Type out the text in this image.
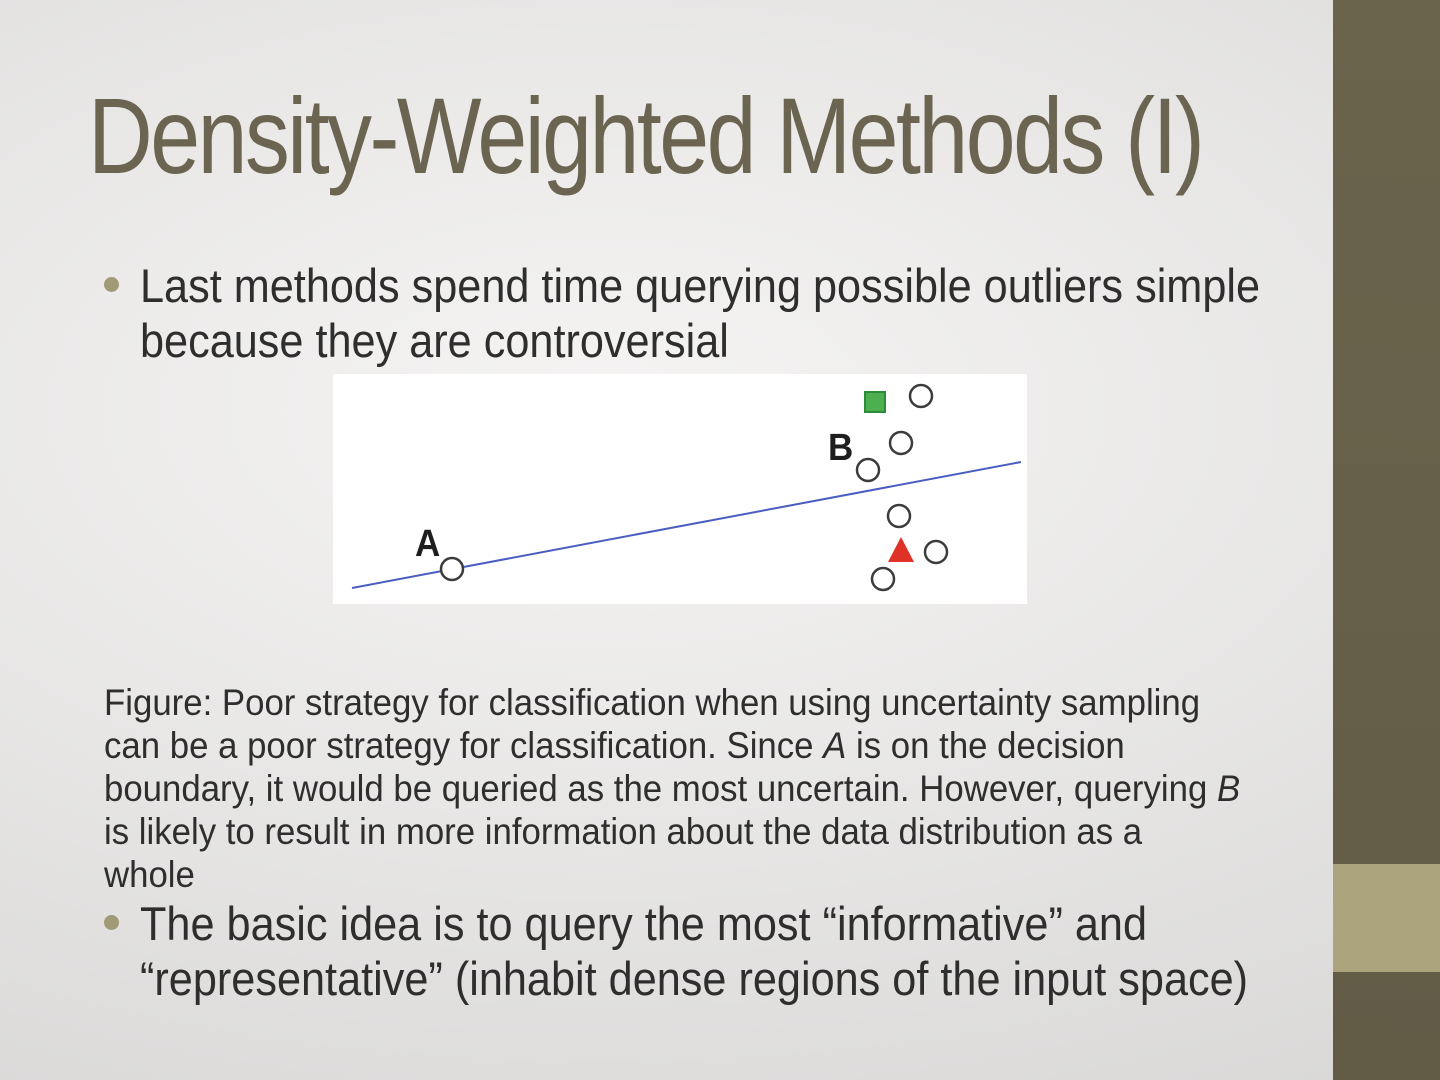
Density-Weighted Methods (I)
Last methods spend time querying possible outliers simple
because they are controversial
A
B
Figure: Poor strategy for classification when using uncertainty sampling
can be a poor strategy for classification. Since A is on the decision
boundary, it would be queried as the most uncertain. However, querying B
is likely to result in more information about the data distribution as a
whole
The basic idea is to query the most “informative” and
“representative” (inhabit dense regions of the input space)
